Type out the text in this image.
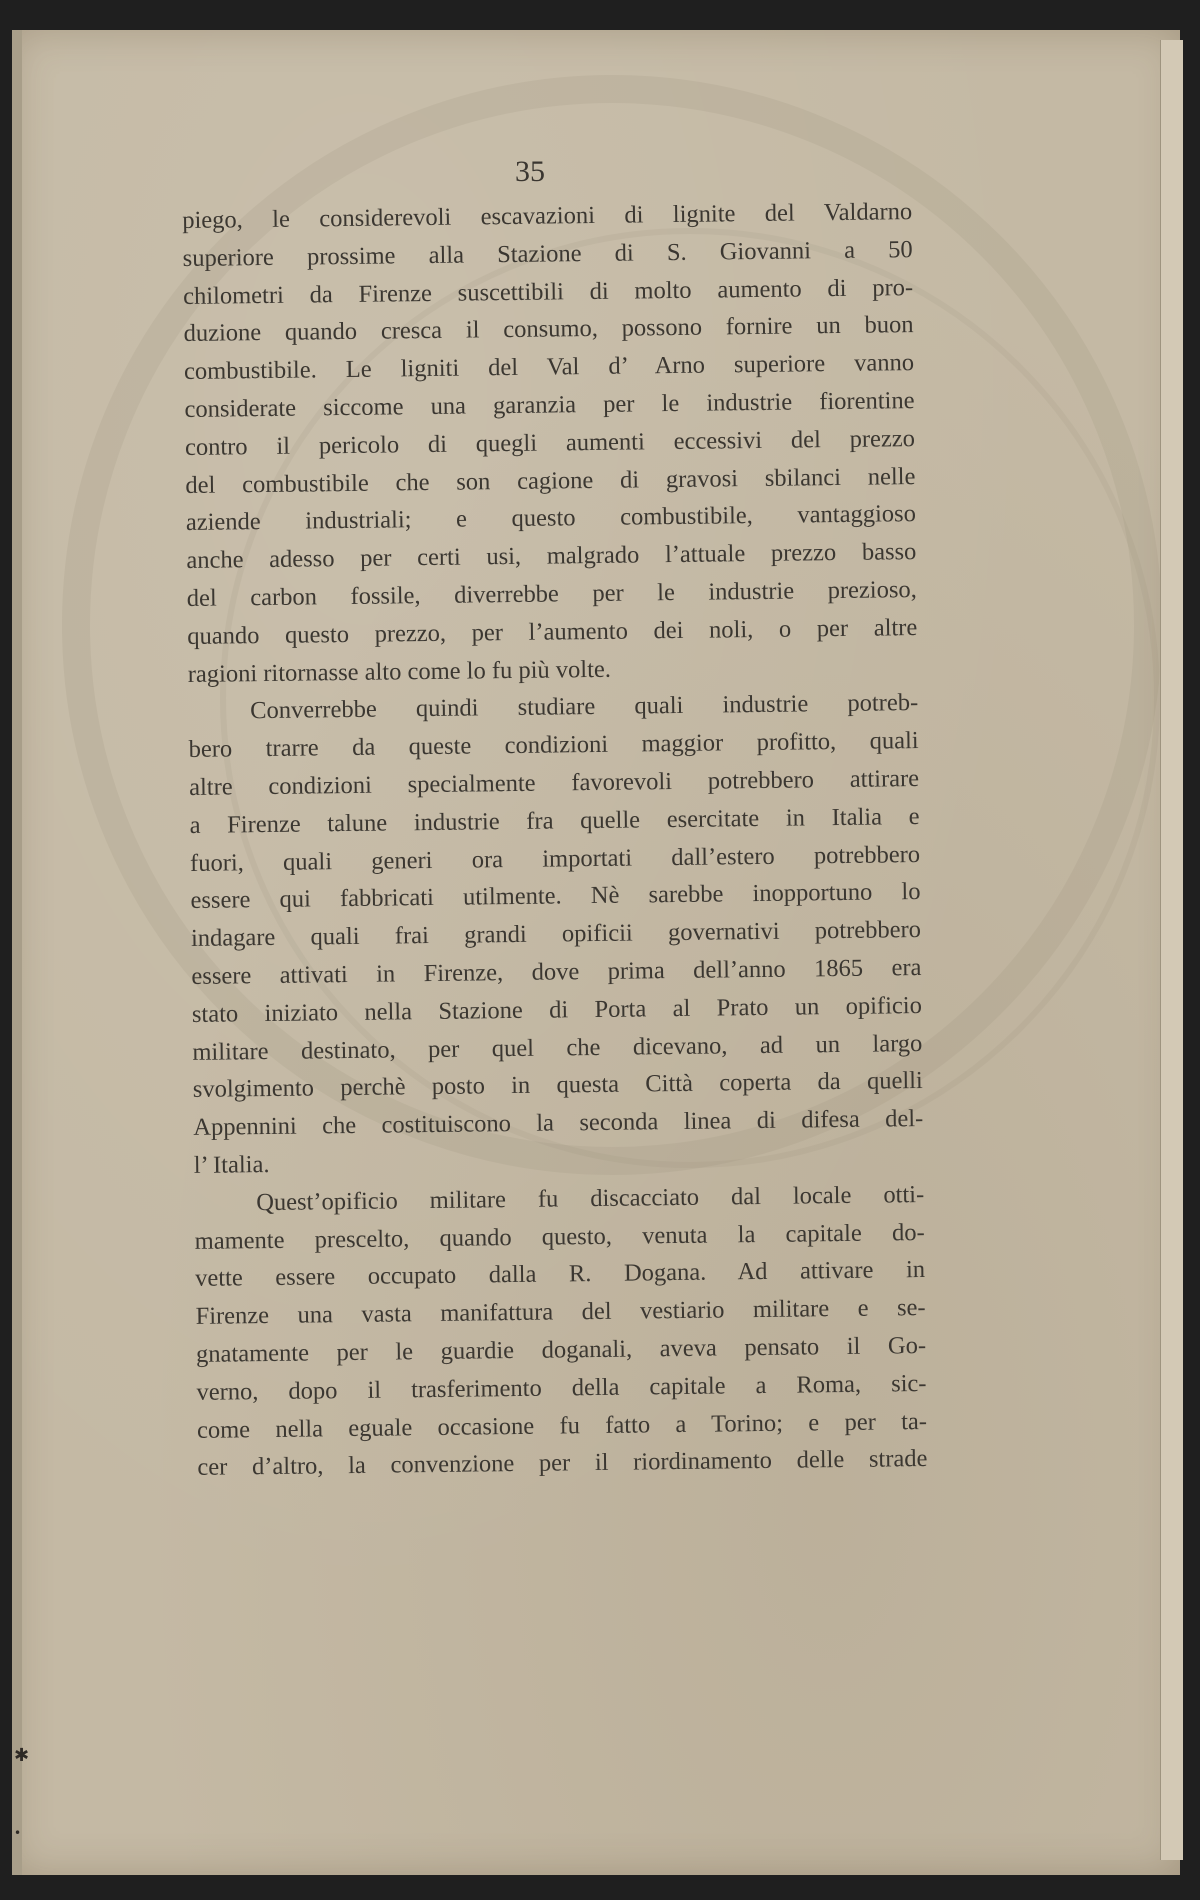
35
piego, le considerevoli escavazioni di lignite del Valdarno
superiore prossime alla Stazione di S. Giovanni a 50
chilometri da Firenze suscettibili di molto aumento di pro-
duzione quando cresca il consumo, possono fornire un buon
combustibile. Le ligniti del Val d’ Arno superiore vanno
considerate siccome una garanzia per le industrie fiorentine
contro il pericolo di quegli aumenti eccessivi del prezzo
del combustibile che son cagione di gravosi sbilanci nelle
aziende industriali; e questo combustibile, vantaggioso
anche adesso per certi usi, malgrado l’attuale prezzo basso
del carbon fossile, diverrebbe per le industrie prezioso,
quando questo prezzo, per l’aumento dei noli, o per altre
ragioni ritornasse alto come lo fu più volte.
Converrebbe quindi studiare quali industrie potreb-
bero trarre da queste condizioni maggior profitto, quali
altre condizioni specialmente favorevoli potrebbero attirare
a Firenze talune industrie fra quelle esercitate in Italia e
fuori, quali generi ora importati dall’estero potrebbero
essere qui fabbricati utilmente. Nè sarebbe inopportuno lo
indagare quali frai grandi opificii governativi potrebbero
essere attivati in Firenze, dove prima dell’anno 1865 era
stato iniziato nella Stazione di Porta al Prato un opificio
militare destinato, per quel che dicevano, ad un largo
svolgimento perchè posto in questa Città coperta da quelli
Appennini che costituiscono la seconda linea di difesa del-
l’ Italia.
Quest’opificio militare fu discacciato dal locale otti-
mamente prescelto, quando questo, venuta la capitale do-
vette essere occupato dalla R. Dogana. Ad attivare in
Firenze una vasta manifattura del vestiario militare e se-
gnatamente per le guardie doganali, aveva pensato il Go-
verno, dopo il trasferimento della capitale a Roma, sic-
come nella eguale occasione fu fatto a Torino; e per ta-
cer d’altro, la convenzione per il riordinamento delle strade
✱
•
